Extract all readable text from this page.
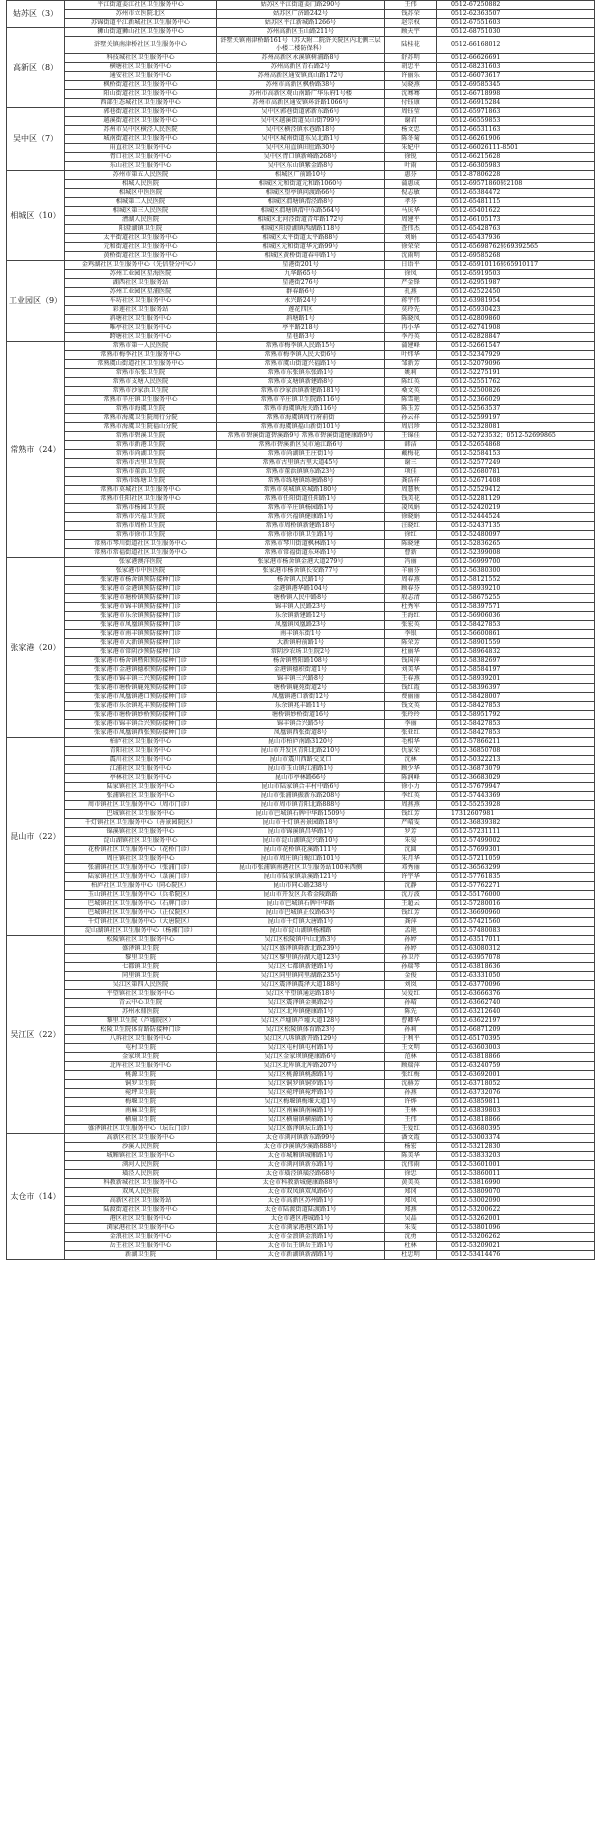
姑苏区（3）	平江街道姜江社区卫生服务中心	姑苏区平江街道姜门路290号	王伟	0512-67250882
	苏州市立医院北区	姑苏区广济路242号	钱苏荣	0512-62363507
	苏锦街道平江新城社区卫生服务中心	姑苏区平江新城路1266号	赵宗权	0512-67551603
高新区（8）	狮山街道狮山社区卫生服务中心	苏州高新区玉山路211号	顾天宇	0512-68751030
	浒墅关镇南津桥社区卫生服务中心	浒墅关镇南津桥路161号（苏大附二院浒关院区内北侧三层小楼二楼防保科）	陆桂花	0512-66168012
	科技城社区卫生服务中心	苏州高新区永溪镇树浦路8号	舒苏明	0512-66626691
	横塘社区卫生服务中心	苏州高新区青石路2号	胡忠平	0512-68231603
	通安社区卫生服务中心	苏州高新区通安镇真山路172号	许丽乐	0512-66073617
	枫桥街道社区卫生服务中心	苏州市高新区枫桥路38号	吴晓燕	0512-69585345
	阳山街道社区卫生服务中心	苏州市高新区观山南路广华乐府1号楼	沈骞骞	0512-66718998
	西部生态城社区卫生服务中心	苏州市高新区通安镇环浒路1066号	付钰康	0512-66915284
吴中区（7）	郭巷街道社区卫生服务中心	吴中区郭巷街道郭新东路6号	周钰莹	0512-65971863
	越溪街道社区卫生服务中心	吴中区越溪街道吴山街799号	谢君	0512-66559853
	苏州市吴中区横泾人民医院	吴中区横泾镇水巷路18号	杨文忠	0512-66531163
	城南街道社区卫生服务中心	吴中区城南街道东吴北路1号	陈冬菊	0512-66261906
	甪直社区卫生服务中心	吴中区甪直镇田肚路30号	朱妃中	0512-66026111-8501
	胥口社区卫生服务中心	吴中区胥口镇新峰路268号	徐锐	0512-66215628
	东山社区卫生服务中心	吴中区东山镇紫金路8号	叶雨	0512-66305983
相城区（10）	苏州市第五人民医院	相城区广前路10号	惠芬	0512-87806228
	相城人民医院	相城区元和街道元和路1060号	蒲惠成	0512-69571860转2108
	相城区中医医院	相城区望亭镇问渡路66号	倪志敏	0512-65384472
	相城第二人民医院	相城区渭塘镇渭泾路8号	孝芬	0512-65481115
	相城区第三人民医院	相城区渭塘镇渭中东路564号	马庆华	0512-65401622
	漕湖人民医院	相城区北河泾街道青年路172号	周建平	0512-66105173
	阳澄湖镇卫生院	相城区阳澄湖镇西湖路118号	查伟杰	0512-65428763
	太平街道社区卫生服务中心	相城区太平街道太平路88号	刘娟	0512-65437936
	元和街道社区卫生服务中心	相城区元和街道华元路99号	徐荣荣	0512-65698762转69392565
	黄桥街道社区卫生服务中心	相城区黄桥街道春申路1号	沈雨明	0512-69585268
工业园区（9）	金鸡湖社区卫生服务中心（先信登分中心）	星港街201号	日语平	0512-65910116转65910117
	苏州工业园区星海医院	九华路65号	徐凤	0512-65919503
	湖西社区卫生服务站	星港街276号	严金锋	0512-62951987
	苏州工业园区星浦医院	群春路6号	孔燕	0512-62522450
	车坊社区卫生服务中心	永兴路24号	蒋宇伟	0512-63981954
	彩莲社区卫生服务站	莲花四区	莫玲先	0512-65930423
	斜塘社区卫生服务中心	斜塘路1号	陈晓凤	0512-62809860
	唯亭社区卫生服务中心	亭平路218号	冉小华	0512-62741908
	跨塘社区卫生服务中心	星巷路3号	李丹英	0512-62828847
常熟市（24）	常熟市第一人民医院	常熟市梅李镇人民路15号	蒲建峰	0512-52661547
	常熟市梅李社区卫生服务中心	常熟市梅李镇人民大街6号	叶炜华	0512-52347929
	常熟虞山街道社区卫生服务中心	常熟市虞山街道兴福路1号	邹新芳	0512-52079096
	常熟市东张卫生院	常熟市东张镇东张路1号	姚莉	0512-52275191
	常熟市支塘人民医院	常熟市支塘镇新建路8号	陈红英	0512-52551762
	常熟市沙家浜卫生院	常熟市沙家浜镇新建路181号	桑文英	0512-52500826
	常熟市辛庄镇卫生服务中心	常熟市辛庄镇卫生院路116号	陈雪艳	0512-52366029
	常熟市海虞卫生院	常熟市海虞镇海关路116号	陈玉芳	0512-52563537
	常熟市海虞卫生院周行分院	常熟市海虞镇周行府前街	孙云祥	0512-52599197
	常熟市海虞卫生院福山分院	常熟市海虞镇福山新街101号	周启珍	0512-52328081
	常熟市碧溪卫生院	常熟市碧溪街道碧溪路9号 常熟市碧溪街道健康路9号	王锦佳	0512-52723532；0512-52699865
	常熟市新港卫生院	常熟市碧溪新区吴市通江路6号	韩洁	0512-52654868
	常熟市尚湖卫生院	常熟市尚湖镇王庄街1号	戴梅花	0512-52584153
	常熟市古里卫生院	常熟市古里镇古里大道45号	谢三	0512-52577249
	常熟市董浜卫生院	常熟市董浜镇镇东路23号	项佳	0512-52680781
	常熟市练塘卫生院	常熟市练塘镇练塘路8号	龚浩祥	0512-52671408
	常熟市莫城社区卫生服务中心	常熟市莫城镇莫城路180号	周慧秋	0512-52529412
	常熟市任阳社区卫生服务中心	常熟市任阳街道任阳路1号	钱美花	0512-52281129
	常熟市杨园卫生院	常熟市辛庄镇杨园路1号	凌凤娟	0512-52420219
	常熟市兴福卫生院	常熟市兴福镇健康路1号	徐晓娟	0512-52444524
	常熟市周桥卫生院	常熟市周桥镇新建路18号	汪晓红	0512-52437135
	常熟市徐市卫生院	常熟市徐市镇卫生路1号	徐红	0512-52480097
	常熟市琴川街道社区卫生服务中心	常熟市琴川街道枫林路1号	陈晓建	0512-52836265
	常熟市常福街道社区卫生服务中心	常熟市常福街道东环路1号	曹新	0512-52399008
张家港（20）	张家港澳洋医院	张家港市杨舍镇金港大道279号	冯丽	0512-56999700
	张家港市中医医院	张家港市杨舍镇长安路77号	羊丽芬	0512-56380300
	张家港市杨舍镇预防接种门诊	杨舍镇人民路1号	周春燕	0512-58121552
	张家港市金港镇预防接种门诊	金港镇港华路104号	顾春芬	0512-58939210
	张家港市塘桥镇预防接种门诊	塘桥镇人民中路8号	殷志清	0512-58675255
	张家港市锦丰镇预防接种门诊	锦丰镇人民路23号	杜秀军	0512-58397571
	张家港市乐余镇预防接种门诊	乐余镇新建路12号	王海红	0512-56906036
	张家港市凤凰镇预防接种门诊	凤凰镇凤凰路23号	张宏英	0512-58427853
	张家港市南丰镇预防接种门诊	南丰镇东街1号	李银	0512-56600861
	张家港市大新镇预防接种门诊	大新镇府前路1号	陈荣芳	0512-58901559
	张家港市常阴沙预防接种门诊	常阴沙农场卫生院2号	杜丽华	0512-58964832
	张家港市杨舍镇暨阳预防接种门诊	杨舍镇暨阳路108号	钱国萍	0512-58382697
	张家港市金港镇德积预防接种门诊	金港镇德积街道1号	刘美华	0512-58584197
	张家港市锦丰镇三兴预防接种门诊	锦丰镇三兴路8号	王春燕	0512-58939201
	张家港市塘桥镇鹿苑预防接种门诊	塘桥镇鹿苑街道2号	钱红霞	0512-58396397
	张家港市凤凰镇港口预防接种门诊	凤凰镇港口新街12号	费丽丽	0512-58428007
	张家港市乐余镇兆丰预防接种门诊	乐余镇兆丰路11号	钱文英	0512-58427853
	张家港市塘桥镇妙桥预防接种门诊	塘桥镇妙桥街道16号	张玲玲	0512-58951792
	张家港市锦丰镇合兴预防接种门诊	锦丰镇合兴路5号	李丽	0512-58427853
	张家港市凤凰镇西张预防接种门诊	凤凰镇西张街道8号	张亚红	0512-58427853
昆山市（22）	柏庐社区卫生服务中心	昆山市柏庐南路3120号	毛相华	0512-57866211
	青阳社区卫生服务中心	昆山市开发区青阳北路210号	仇家荣	0512-36850708
	震川社区卫生服务中心	昆山市震川西路交叉口	沈林	0512-50322213
	江浦社区卫生服务中心	昆山市玉山镇江浦路1号	顾少华	0512-36873079
	亭林社区卫生服务中心	昆山市亭林路66号	陈润峰	0512-36683029
	陆家镇社区卫生服务中心	昆山市陆家镇合丰村中路6号	徐小力	0512-57679947
	张浦镇社区卫生服务中心	昆山市张浦镇振新东路208号	李红英	0512-57443369
	周市镇社区卫生服务中心（周市门诊）	昆山市周市镇青阳北路888号	周燕燕	0512-55253928
	巴城镇社区卫生服务中心	昆山市巴城镇石牌中华路1509号	钱红芳	17312607981
	千灯镇社区卫生服务中心（善景园院区）	昆山市千灯镇善景园路18号	严晴雯	0512-36839382
	锦溪镇社区卫生服务中心	昆山市锦溪镇昌华路1号	罗芳	0512-57231111
	淀山湖镇社区卫生服务中心	昆山市淀山湖镇淀兴路10号	朱晏	0512-57499002
	花桥镇社区卫生服务中心（花桥门诊）	昆山市花桥镇花溪路111号	沈圆	0512-57699301
	周庄镇社区卫生服务中心	昆山市周庄镇白蚬江路101号	朱月华	0512-57211059
	张浦镇社区卫生服务中心（张浦门诊）	昆山市张浦镇南港社区卫生服务站100米西侧	邓秀丽	0512-36563299
	陆家镇社区卫生服务中心（菉溪门诊）	昆山市陆家镇菉溪路121号	许宇华	0512-57761835
	柏庐社区卫生服务中心（同心院区）	昆山市同心路238号	沈静	0512-57762271
	玉山镇社区卫生服务中心（兵希院区）	昆山市开发区兵希金陵路路	沈万波	0512-55176000
	巴城镇社区卫生服务中心（石牌门诊）	昆山市巴城镇石牌中华路	王超云	0512-57280016
	巴城镇社区卫生服务中心（正仪院区）	昆山市巴城镇正仪路63号	钱红芳	0512-36690960
	千灯镇社区卫生服务中心（大唐院区）	昆山市千灯镇大唐路1号	龚萍	0512-57421560
	淀山湖镇社区卫生服务中心（杨湘门诊）	昆山市淀山湖镇杨湘路	孟艳	0512-57480083
吴江区（22）	松陵镇社区卫生服务中心	吴江区松陵镇中山北路3号	孙婷	0512-63517011
	盛泽镇卫生院	吴江区盛泽镇舜新北路239号	孙婷	0512-63080312
	黎里卫生院	吴江区黎里镇汾湖大道123号	孙卫芹	0512-63957078
	七都镇卫生院	吴江区七都镇新建路1号	孙瑞琴	0512-63818636
	同里镇卫生院	吴江区同里镇同里湖路235号	金俊	0512-63331050
	吴江区第四人民医院	吴江区震泽镇震泽大道188号	刘岚	0512-63770096
	平望镇社区卫生服务中心	吴江区平望镇通运路18号	吴爱红	0512-63666376
	青云中心卫生院	吴江区震泽镇金奥路2号	孙晴	0512-63662740
	苏州永鼎医院	吴江区北厍镇健康路1号	陈先	0512-63212640
	黎里卫生院（芦墟院区）	吴江区芦墟镇芦墟大道128号	曹卿华	0512-63622197
	松陵卫生院体育路防接种门诊	吴江区松陵镇体育路23号	孙莉	0512-66871209
	八坼社区卫生服务中心	吴江区八坼镇新开路129号	于利平	0512-65170395
	屯村卫生院	吴江区屯村镇屯村路1号	王文明	0512-63603003
	金家坝卫生院	吴江区金家坝镇健康路6号	范林	0512-63818866
	北厍社区卫生服务中心	吴江区北厍镇北厍路207号	顾瑞萍	0512-63240759
	桃源卫生院	吴江区桃源镇桃源路1号	张红梅	0512-63692001
	铜罗卫生院	吴江区铜罗镇铜罗路1号	沈赫芳	0512-63718052
	菀坪卫生院	吴江区菀坪镇菀坪路1号	孙燕	0512-63732076
	梅堰卫生院	吴江区梅堰镇梅堰大道1号	许烨	0512-63859811
	南麻卫生院	吴江区南麻镇南麻路1号	王林	0512-63839803
	横扇卫生院	吴江区横扇镇横扇路1号	王伟	0512-63818866
	盛泽镇社区卫生服务中心（坛丘门诊）	吴江区盛泽镇坛丘路1号	王爱红	0512-63680395
太仓市（14）	高新区社区卫生服务中心	太仓市浏河镇新东路99号	潘文霞	0512-53003374
	沙溪人民医院	太仓市沙溪镇沙溪路888号	杨宏	0512-53212830
	城厢镇社区卫生服务中心	太仓市城厢镇城厢路1号	陈美华	0512-53833203
	浏河人民医院	太仓市浏河镇新东路1号	沈伟雨	0512-53601001
	璜泾人民医院	太仓市璜泾镇璜泾路68号	徐忠	0512-53860011
	科教新城社区卫生服务中心	太仓市科教新城健康路88号	黄美英	0512-53816990
	双凤人民医院	太仓市双凤镇双凤路6号	郑冈	0512-53809070
	高新区社区卫生服务站	太仓市高新区苏州路1号	郑凤	0512-53002090
	陆渡街道社区卫生服务中心	太仓市陆渡街道陆渡路1号	郑燕	0512-53200622
	港区社区卫生服务中心	太仓市港区港城路1号	吴晶	0512-53262001
	浏家港社区卫生服务中心	太仓市浏家港港区路1号	朱雯	0512-53801096
	金浪社区卫生服务中心	太仓市金浪镇金浪路1号	沈勇	0512-53206262
	岳王社区卫生服务中心	太仓市岳王镇岳王路1号	杜林	0512-53209021
	新湖卫生院	太仓市新湖镇新湖路1号	杜忠明	0512-53414476
